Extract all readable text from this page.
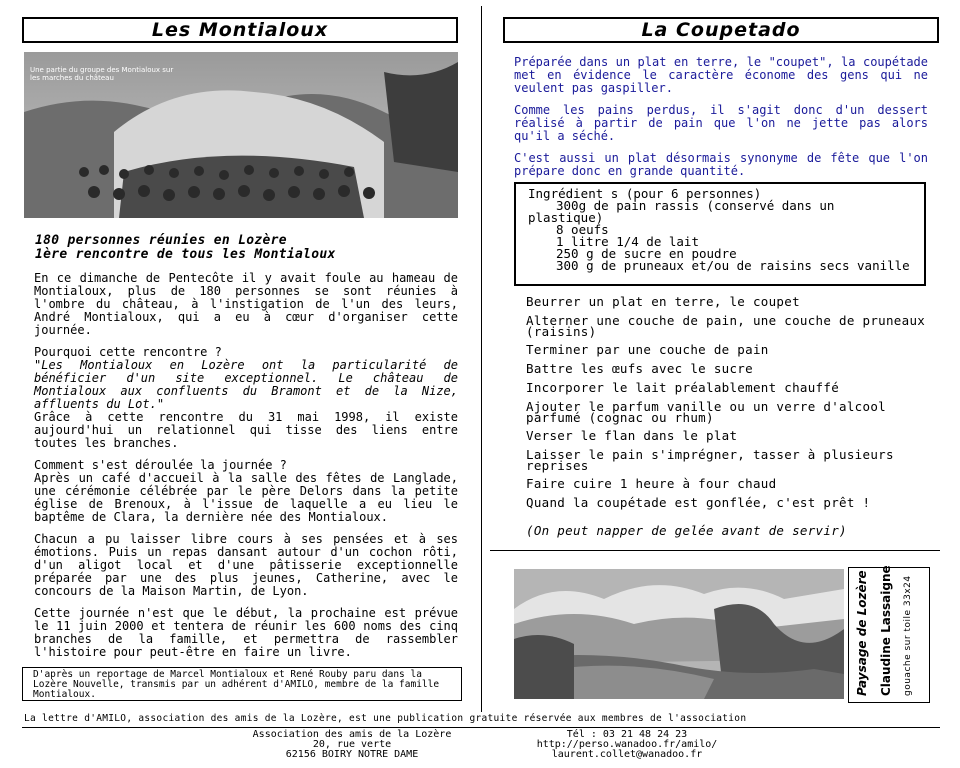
Les Montialoux
Une partie du groupe des Montialoux sur les marches du château
180 personnes réunies en Lozère
1ère rencontre de tous les Montialoux

En ce dimanche de Pentecôte il y avait foule au hameau de Montialoux, plus de 180 personnes se sont réunies à l'ombre du château, à l'instigation de l'un des leurs, André Montialoux, qui a eu à cœur d'organiser cette journée.

Pourquoi cette rencontre ?

"Les Montialoux en Lozère ont la particularité de bénéficier d'un site exceptionnel. Le château de Montialoux aux confluents du Bramont et de la Nize, affluents du Lot."

Grâce à cette rencontre du 31 mai 1998, il existe aujourd'hui un relationnel qui tisse des liens entre toutes les branches.

Comment s'est déroulée la journée ?

Après un café d'accueil à la salle des fêtes de Langlade, une cérémonie célébrée par le père Delors dans la petite église de Brenoux, à l'issue de laquelle a eu lieu le baptême de Clara, la dernière née des Montialoux.

Chacun a pu laisser libre cours à ses pensées et à ses émotions. Puis un repas dansant autour d'un cochon rôti, d'un aligot local et d'une pâtisserie exceptionnelle préparée par une des plus jeunes, Catherine, avec le concours de la Maison Martin, de Lyon.

Cette journée n'est que le début, la prochaine est prévue le 11 juin 2000 et tentera de réunir les 600 noms des cinq branches de la famille, et permettra de rassembler l'histoire pour peut-être en faire un livre.

D'après un reportage de Marcel Montialoux et René Rouby paru dans la Lozère Nouvelle, transmis par un adhérent d'AMILO, membre de la famille Montialoux.
La Coupetado

Préparée dans un plat en terre, le "coupet", la coupétade met en évidence le caractère économe des gens qui ne veulent pas gaspiller.

Comme les pains perdus, il s'agit donc d'un dessert réalisé à partir de pain que l'on ne jette pas alors qu'il a séché.

C'est aussi un plat désormais synonyme de fête que l'on prépare donc en grande quantité.

Ingrédient s (pour 6 personnes)
300g de pain rassis (conservé dans un plastique)
8 oeufs
1 litre 1/4 de lait
250 g de sucre en poudre
300 g de pruneaux et/ou de raisins secs vanille
Beurrer un plat en terre, le coupet
Alterner une couche de pain, une couche de pruneaux (raisins)
Terminer par une couche de pain
Battre les œufs avec le sucre
Incorporer le lait préalablement chauffé
Ajouter le parfum vanille ou un verre d'alcool parfumé (cognac ou rhum)
Verser le flan dans le plat
Laisser le pain s'imprégner, tasser à plusieurs reprises
Faire cuire 1 heure à four chaud
Quand la coupétade est gonflée, c'est prêt !
(On peut napper de gelée avant de servir)
Paysage de Lozère Claudine Lassaigne gouache sur toile 33x24
La lettre d'AMILO, association des amis de la Lozère, est une publication gratuite réservée aux membres de l'association
Association des amis de la Lozère
20, rue verte
62156 BOIRY NOTRE DAME
Tél : 03 21 48 24 23
http://perso.wanadoo.fr/amilo/
laurent.collet@wanadoo.fr
